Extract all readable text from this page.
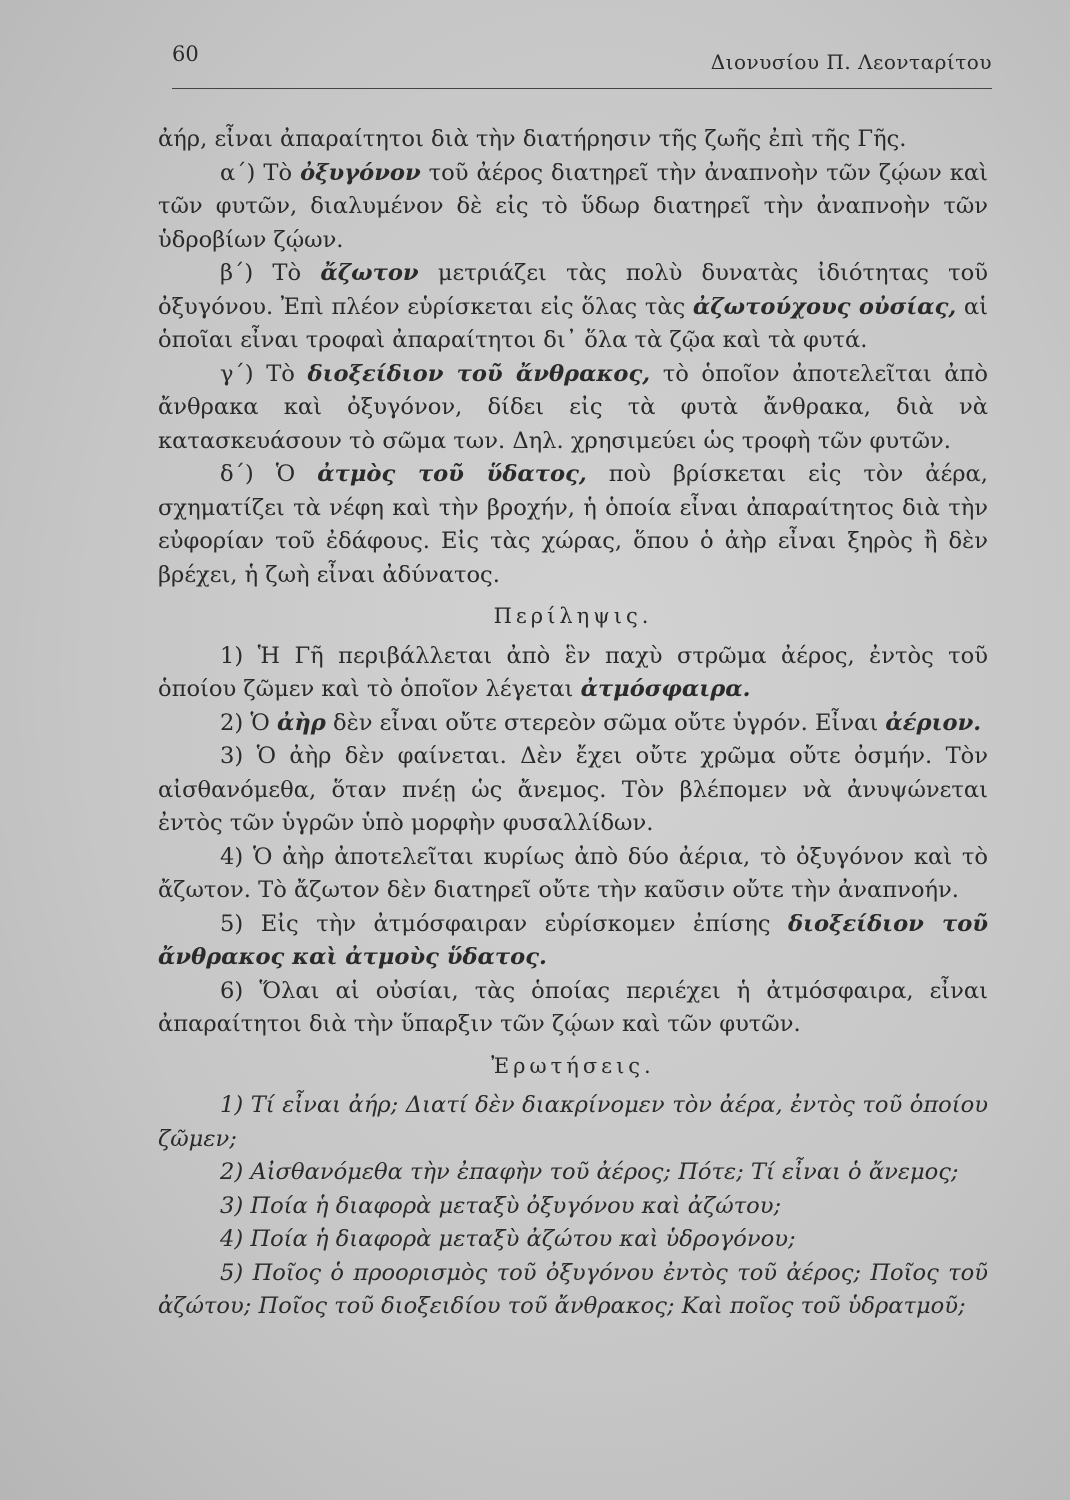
60	Διονυσίου Π. Λεονταρίτου

ἀήρ, εἶναι ἀπαραίτητοι διὰ τὴν διατήρησιν τῆς ζωῆς ἐπὶ τῆς Γῆς.

α΄) Τὸ ὀξυγόνον τοῦ ἀέρος διατηρεῖ τὴν ἀναπνοὴν τῶν ζῴων καὶ τῶν φυτῶν, διαλυμένον δὲ εἰς τὸ ὕδωρ διατηρεῖ τὴν ἀναπνοὴν τῶν ὑδροβίων ζῴων.

β΄) Τὸ ἄζωτον μετριάζει τὰς πολὺ δυνατὰς ἰδιότητας τοῦ ὀξυγόνου. Ἐπὶ πλέον εὑρίσκεται εἰς ὅλας τὰς ἀζωτούχους οὐσίας, αἱ ὁποῖαι εἶναι τροφαὶ ἀπαραίτητοι δι᾽ ὅλα τὰ ζῷα καὶ τὰ φυτά.

γ΄) Τὸ διοξείδιον τοῦ ἄνθρακος, τὸ ὁποῖον ἀποτελεῖται ἀπὸ ἄνθρακα καὶ ὀξυγόνον, δίδει εἰς τὰ φυτὰ ἄνθρακα, διὰ νὰ κατασκευάσουν τὸ σῶμα των. Δηλ. χρησιμεύει ὡς τροφὴ τῶν φυτῶν.

δ΄) Ὁ ἀτμὸς τοῦ ὕδατος, ποὺ βρίσκεται εἰς τὸν ἀέρα, σχηματίζει τὰ νέφη καὶ τὴν βροχήν, ἡ ὁποία εἶναι ἀπαραίτητος διὰ τὴν εὐφορίαν τοῦ ἐδάφους. Εἰς τὰς χώρας, ὅπου ὁ ἀὴρ εἶναι ξηρὸς ἢ δὲν βρέχει, ἡ ζωὴ εἶναι ἀδύνατος.

Περίληψις.

1) Ἡ Γῆ περιβάλλεται ἀπὸ ἓν παχὺ στρῶμα ἀέρος, ἐντὸς τοῦ ὁποίου ζῶμεν καὶ τὸ ὁποῖον λέγεται ἀτμόσφαιρα.

2) Ὁ ἀὴρ δὲν εἶναι οὔτε στερεὸν σῶμα οὔτε ὑγρόν. Εἶναι ἀέριον.

3) Ὁ ἀὴρ δὲν φαίνεται. Δὲν ἔχει οὔτε χρῶμα οὔτε ὀσμήν. Τὸν αἰσθανόμεθα, ὅταν πνέῃ ὡς ἄνεμος. Τὸν βλέπομεν νὰ ἀνυψώνεται ἐντὸς τῶν ὑγρῶν ὑπὸ μορφὴν φυσαλλίδων.

4) Ὁ ἀὴρ ἀποτελεῖται κυρίως ἀπὸ δύο ἀέρια, τὸ ὀξυγόνον καὶ τὸ ἄζωτον. Τὸ ἄζωτον δὲν διατηρεῖ οὔτε τὴν καῦσιν οὔτε τὴν ἀναπνοήν.

5) Εἰς τὴν ἀτμόσφαιραν εὑρίσκομεν ἐπίσης διοξείδιον τοῦ ἄνθρακος καὶ ἀτμοὺς ὕδατος.

6) Ὅλαι αἱ οὐσίαι, τὰς ὁποίας περιέχει ἡ ἀτμόσφαιρα, εἶναι ἀπαραίτητοι διὰ τὴν ὕπαρξιν τῶν ζῴων καὶ τῶν φυτῶν.

Ἐρωτήσεις.

1) Τί εἶναι ἀήρ; Διατί δὲν διακρίνομεν τὸν ἀέρα, ἐντὸς τοῦ ὁποίου ζῶμεν;

2) Αἰσθανόμεθα τὴν ἐπαφὴν τοῦ ἀέρος; Πότε; Τί εἶναι ὁ ἄνεμος;

3) Ποία ἡ διαφορὰ μεταξὺ ὀξυγόνου καὶ ἀζώτου;

4) Ποία ἡ διαφορὰ μεταξὺ ἀζώτου καὶ ὑδρογόνου;

5) Ποῖος ὁ προορισμὸς τοῦ ὀξυγόνου ἐντὸς τοῦ ἀέρος; Ποῖος τοῦ ἀζώτου; Ποῖος τοῦ διοξειδίου τοῦ ἄνθρακος; Καὶ ποῖος τοῦ ὑδρατμοῦ;
